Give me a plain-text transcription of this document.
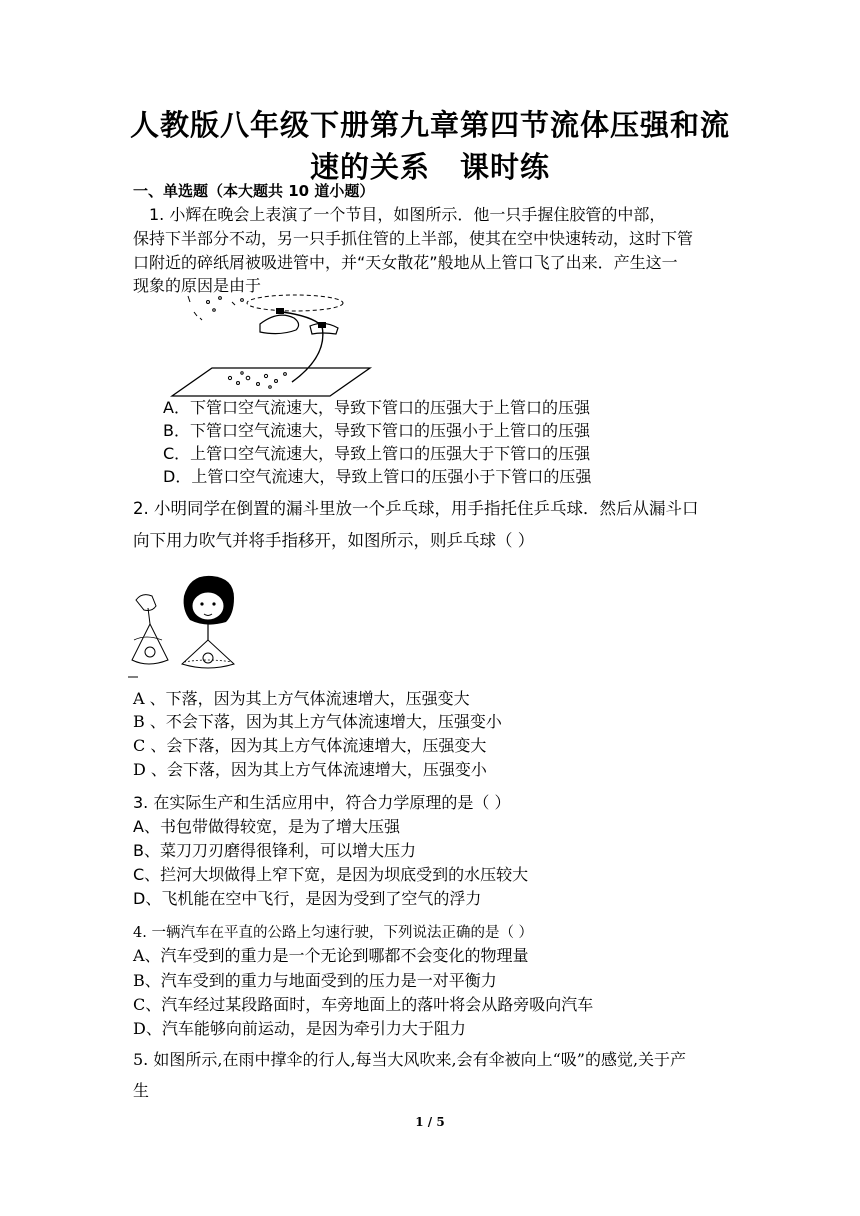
人教版八年级下册第九章第四节流体压强和流
速的关系　课时练
一、单选题（本大题共 10 道小题）
　1. 小辉在晚会上表演了一个节目，如图所示．他一只手握住胶管的中部，
保持下半部分不动，另一只手抓住管的上半部，使其在空中快速转动，这时下管
口附近的碎纸屑被吸进管中，并“天女散花”般地从上管口飞了出来．产生这一
现象的原因是由于
A．下管口空气流速大，导致下管口的压强大于上管口的压强
B．下管口空气流速大，导致下管口的压强小于上管口的压强
C．上管口空气流速大，导致上管口的压强大于下管口的压强
D．上管口空气流速大，导致上管口的压强小于下管口的压强
2. 小明同学在倒置的漏斗里放一个乒乓球，用手指托住乒乓球．然后从漏斗口
向下用力吹气并将手指移开，如图所示，则乒乓球（ ）
A 、下落，因为其上方气体流速增大，压强变大
B 、不会下落，因为其上方气体流速增大，压强变小
C 、会下落，因为其上方气体流速增大，压强变大
D 、会下落，因为其上方气体流速增大，压强变小
3. 在实际生产和生活应用中，符合力学原理的是（ ）
A、书包带做得较宽，是为了增大压强
B、菜刀刀刃磨得很锋利，可以增大压力
C、拦河大坝做得上窄下宽，是因为坝底受到的水压较大
D、飞机能在空中飞行，是因为受到了空气的浮力
4. 一辆汽车在平直的公路上匀速行驶，下列说法正确的是（ ）
A、汽车受到的重力是一个无论到哪都不会变化的物理量
B、汽车受到的重力与地面受到的压力是一对平衡力
C、汽车经过某段路面时，车旁地面上的落叶将会从路旁吸向汽车
D、汽车能够向前运动，是因为牵引力大于阻力
5. 如图所示,在雨中撑伞的行人,每当大风吹来,会有伞被向上“吸”的感觉,关于产
生
1 / 5
